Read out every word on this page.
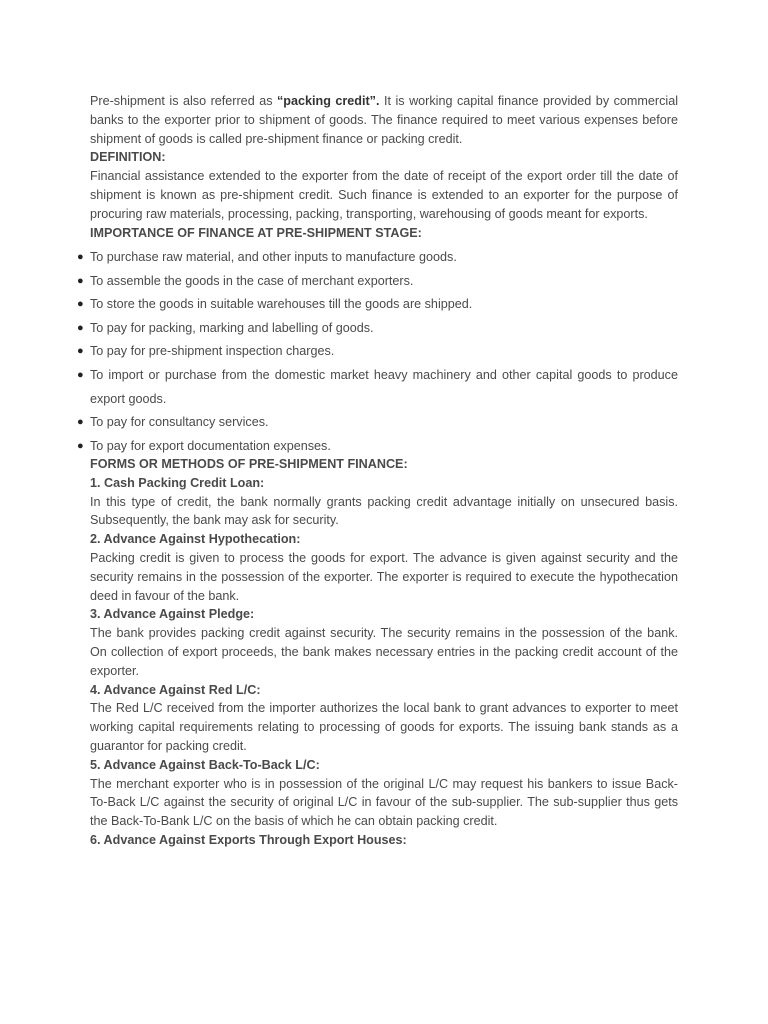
Pre-shipment is also referred as “packing credit”. It is working capital finance provided by commercial banks to the exporter prior to shipment of goods. The finance required to meet various expenses before shipment of goods is called pre-shipment finance or packing credit.

DEFINITION:

Financial assistance extended to the exporter from the date of receipt of the export order till the date of shipment is known as pre-shipment credit. Such finance is extended to an exporter for the purpose of procuring raw materials, processing, packing, transporting, warehousing of goods meant for exports.

IMPORTANCE OF FINANCE AT PRE-SHIPMENT STAGE:

● To purchase raw material, and other inputs to manufacture goods.
● To assemble the goods in the case of merchant exporters.
● To store the goods in suitable warehouses till the goods are shipped.
● To pay for packing, marking and labelling of goods.
● To pay for pre-shipment inspection charges.
● To import or purchase from the domestic market heavy machinery and other capital goods to produce export goods.
● To pay for consultancy services.
● To pay for export documentation expenses.

FORMS OR METHODS OF PRE-SHIPMENT FINANCE:

1. Cash Packing Credit Loan:

In this type of credit, the bank normally grants packing credit advantage initially on unsecured basis. Subsequently, the bank may ask for security.

2. Advance Against Hypothecation:

Packing credit is given to process the goods for export. The advance is given against security and the security remains in the possession of the exporter. The exporter is required to execute the hypothecation deed in favour of the bank.

3. Advance Against Pledge:

The bank provides packing credit against security. The security remains in the possession of the bank. On collection of export proceeds, the bank makes necessary entries in the packing credit account of the exporter.

4. Advance Against Red L/C:

The Red L/C received from the importer authorizes the local bank to grant advances to exporter to meet working capital requirements relating to processing of goods for exports. The issuing bank stands as a guarantor for packing credit.

5. Advance Against Back-To-Back L/C:

The merchant exporter who is in possession of the original L/C may request his bankers to issue Back-To-Back L/C against the security of original L/C in favour of the sub-supplier. The sub-supplier thus gets the Back-To-Bank L/C on the basis of which he can obtain packing credit.

6. Advance Against Exports Through Export Houses:
